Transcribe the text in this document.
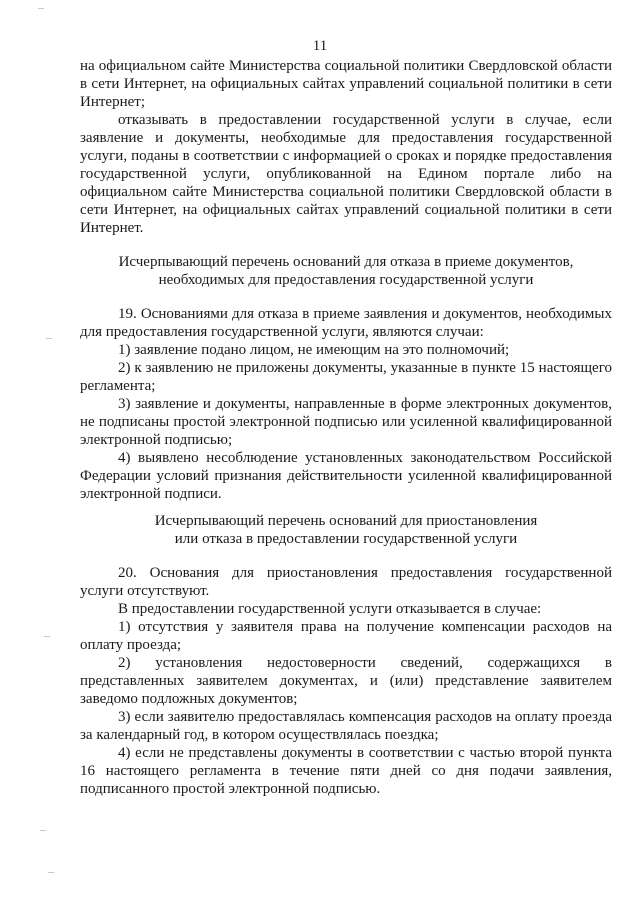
11

на официальном сайте Министерства социальной политики Свердловской области в сети Интернет, на официальных сайтах управлений социальной политики в сети Интернет;

отказывать в предоставлении государственной услуги в случае, если заявление и документы, необходимые для предоставления государственной услуги, поданы в соответствии с информацией о сроках и порядке предоставления государственной услуги, опубликованной на Едином портале либо на официальном сайте Министерства социальной политики Свердловской области в сети Интернет, на официальных сайтах управлений социальной политики в сети Интернет.

Исчерпывающий перечень оснований для отказа в приеме документов,

необходимых для предоставления государственной услуги

19. Основаниями для отказа в приеме заявления и документов, необходимых для предоставления государственной услуги, являются случаи:

1) заявление подано лицом, не имеющим на это полномочий;

2) к заявлению не приложены документы, указанные в пункте 15 настоящего регламента;

3) заявление и документы, направленные в форме электронных документов, не подписаны простой электронной подписью или усиленной квалифицированной электронной подписью;

4) выявлено несоблюдение установленных законодательством Российской Федерации условий признания действительности усиленной квалифицированной электронной подписи.

Исчерпывающий перечень оснований для приостановления

или отказа в предоставлении государственной услуги

20. Основания для приостановления предоставления государственной услуги отсутствуют.

В предоставлении государственной услуги отказывается в случае:

1) отсутствия у заявителя права на получение компенсации расходов на оплату проезда;

2) установления недостоверности сведений, содержащихся в представленных заявителем документах, и (или) представление заявителем заведомо подложных документов;

3) если заявителю предоставлялась компенсация расходов на оплату проезда за календарный год, в котором осуществлялась поездка;

4) если не представлены документы в соответствии с частью второй пункта 16 настоящего регламента в течение пяти дней со дня подачи заявления, подписанного простой электронной подписью.
